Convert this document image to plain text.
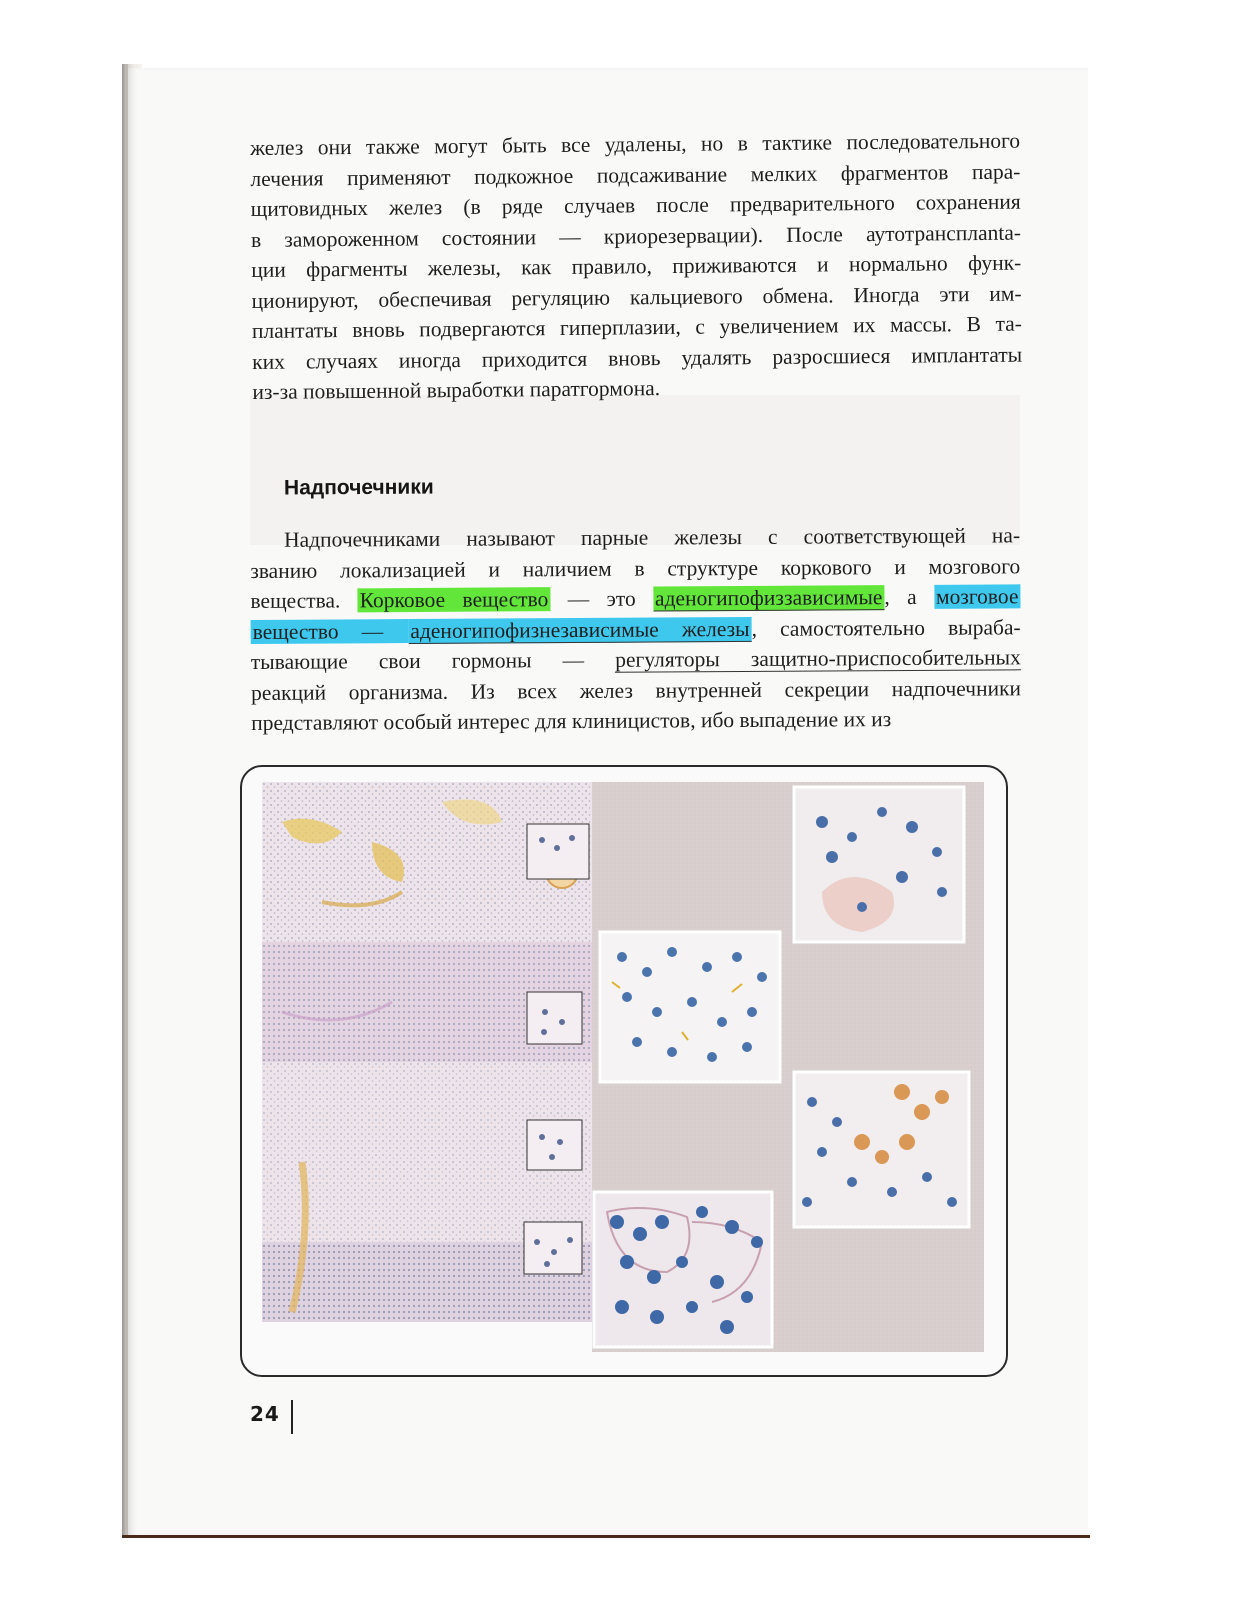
желез они также могут быть все удалены, но в тактике последовательного
лечения применяют подкожное подсаживание мелких фрагментов пара-
щитовидных желез (в ряде случаев после предварительного сохранения
в замороженном состоянии — криорезервации). После аутотрансплanta-
ции фрагменты железы, как правило, приживаются и нормально функ-
ционируют, обеспечивая регуляцию кальциевого обмена. Иногда эти им-
плантаты вновь подвергаются гиперплазии, с увеличением их массы. В та-
ких случаях иногда приходится вновь удалять разросшиеся имплантаты
из-за повышенной выработки паратгормона.
Надпочечники
Надпочечниками называют парные железы с соответствующей на-
званию локализацией и наличием в структуре коркового и мозгового
вещества. Корковое вещество — это аденогипофиззависимые, а мозговое
вещество — аденогипофизнезависимые железы, самостоятельно выраба-
тывающие свои гормоны — регуляторы защитно-приспособительных
реакций организма. Из всех желез внутренней секреции надпочечники
представляют особый интерес для клиницистов, ибо выпадение их из
24
